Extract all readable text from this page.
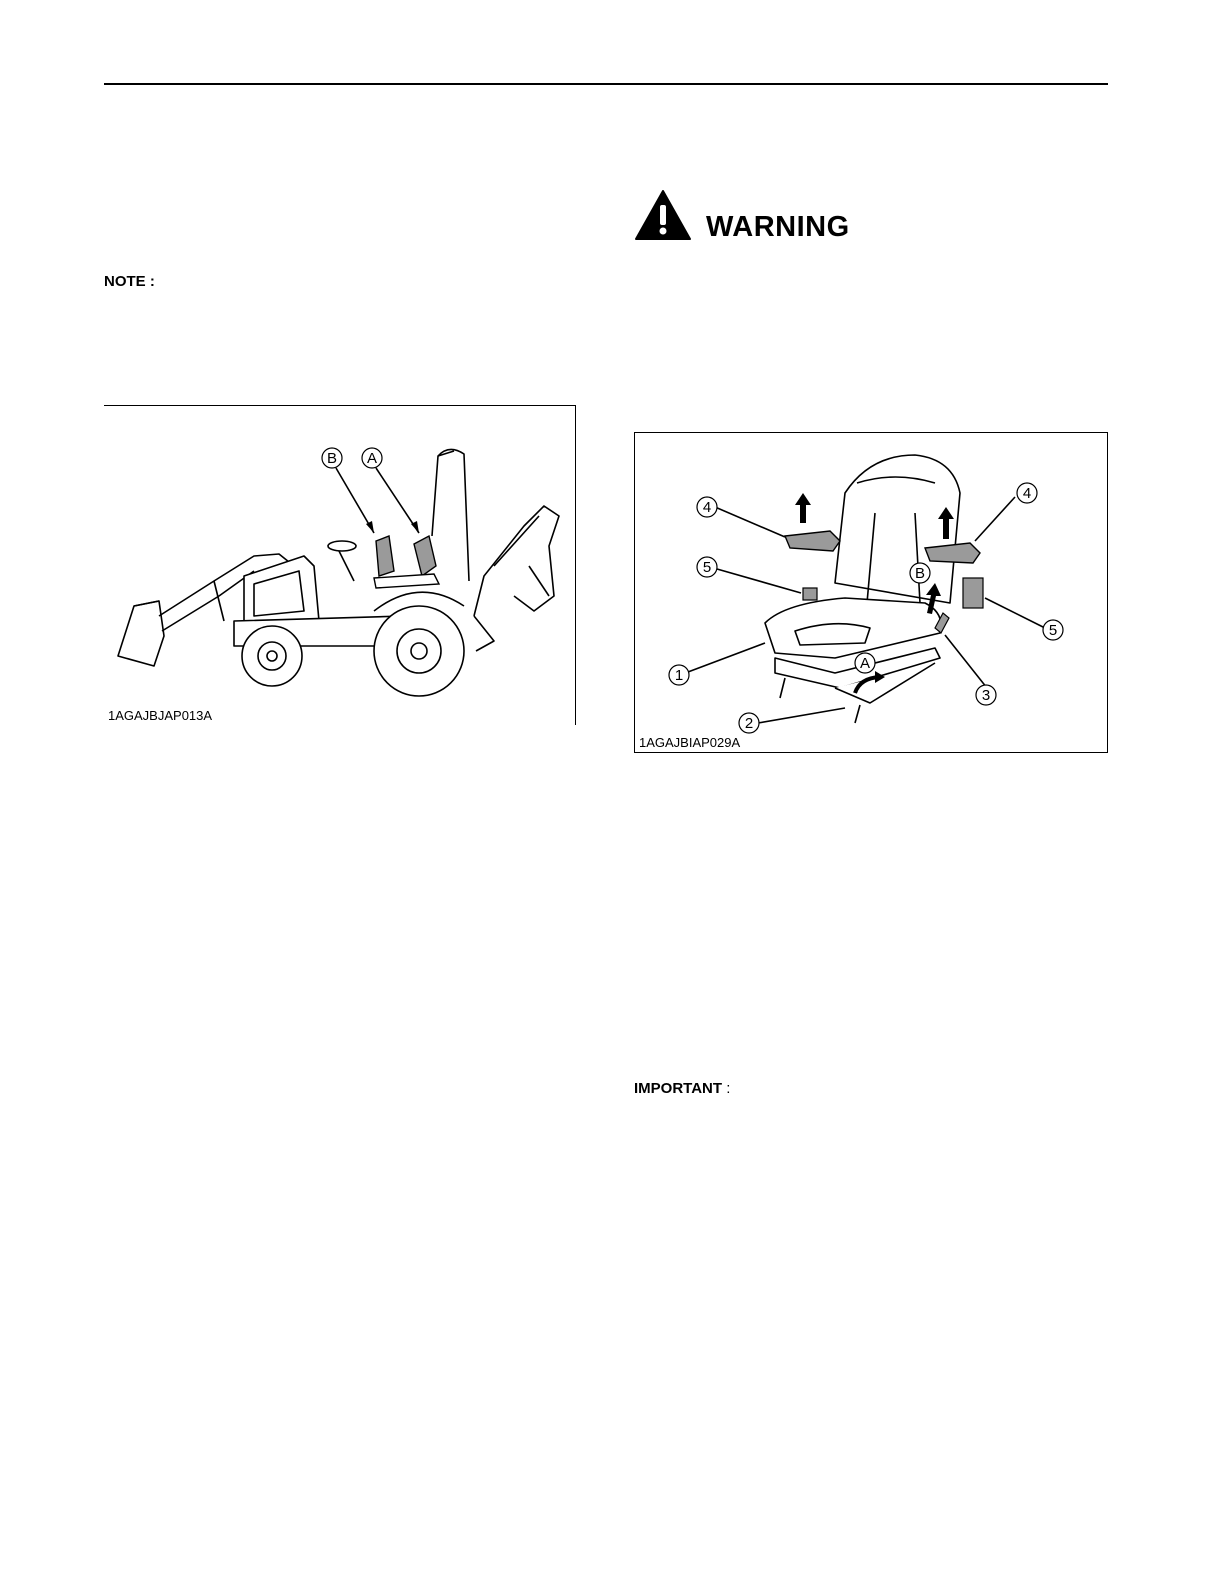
NOTE :
B A
1AGAJBJAP013A
WARNING
4
4
5
5
1
3
2
A
B
1AGAJBIAP029A
IMPORTANT :
